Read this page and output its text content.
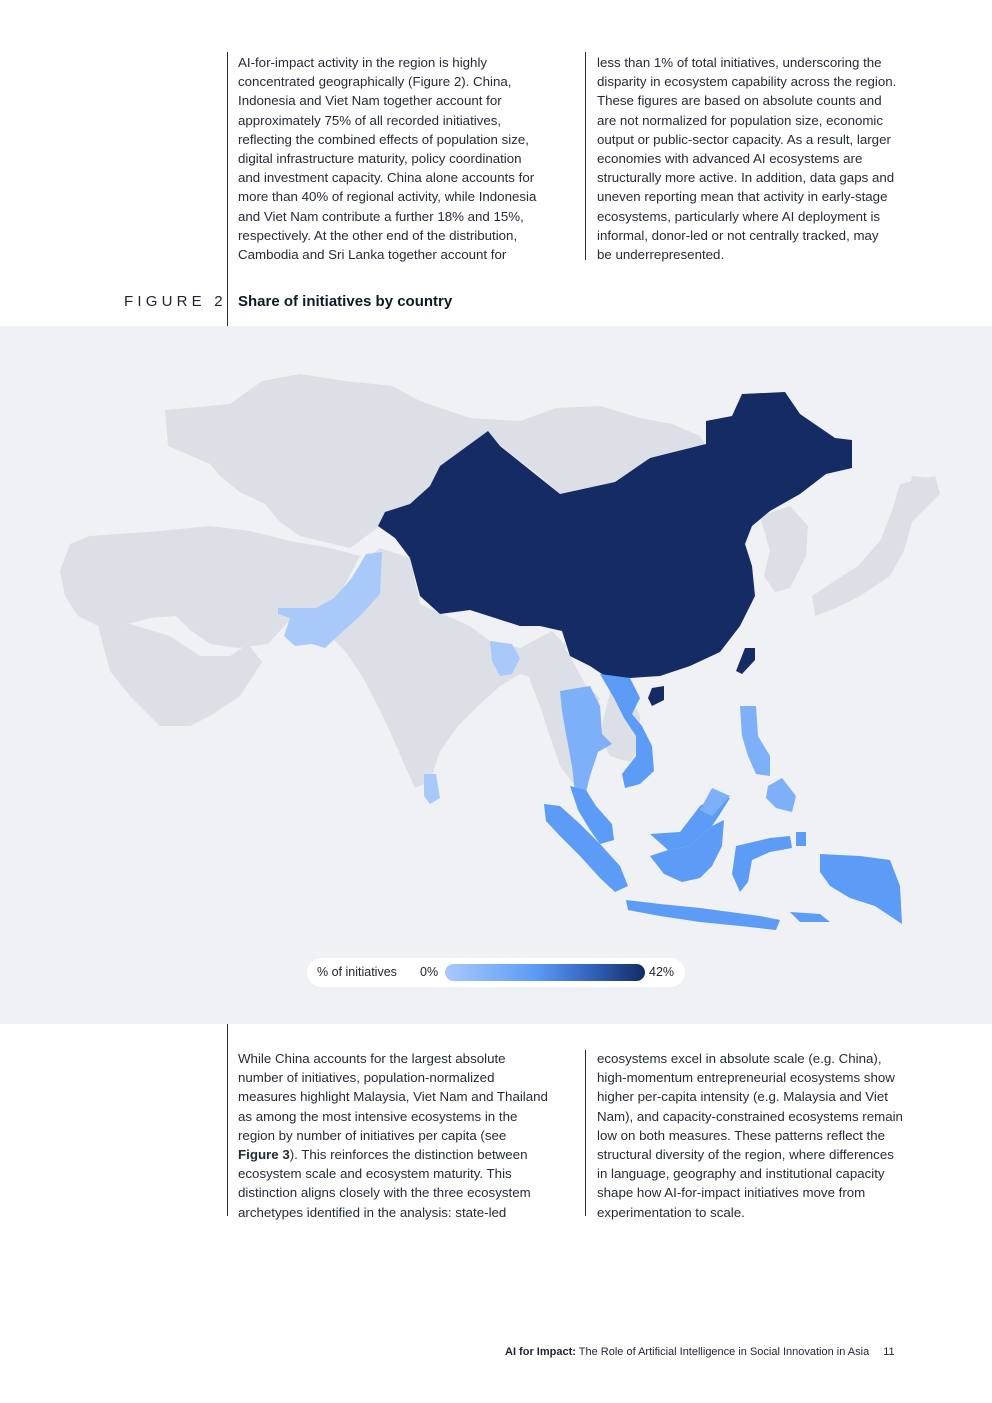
AI-for-impact activity in the region is highly
concentrated geographically (Figure 2). China,
Indonesia and Viet Nam together account for
approximately 75% of all recorded initiatives,
reflecting the combined effects of population size,
digital infrastructure maturity, policy coordination
and investment capacity. China alone accounts for
more than 40% of regional activity, while Indonesia
and Viet Nam contribute a further 18% and 15%,
respectively. At the other end of the distribution,
Cambodia and Sri Lanka together account for

less than 1% of total initiatives, underscoring the
disparity in ecosystem capability across the region.
These figures are based on absolute counts and
are not normalized for population size, economic
output or public-sector capacity. As a result, larger
economies with advanced AI ecosystems are
structurally more active. In addition, data gaps and
uneven reporting mean that activity in early-stage
ecosystems, particularly where AI deployment is
informal, donor-led or not centrally tracked, may
be underrepresented.

FIGURE 2 Share of initiatives by country
% of initiatives 0%	42%

While China accounts for the largest absolute
number of initiatives, population-normalized
measures highlight Malaysia, Viet Nam and Thailand
as among the most intensive ecosystems in the
region by number of initiatives per capita (see
Figure 3). This reinforces the distinction between
ecosystem scale and ecosystem maturity. This
distinction aligns closely with the three ecosystem
archetypes identified in the analysis: state-led

ecosystems excel in absolute scale (e.g. China),
high-momentum entrepreneurial ecosystems show
higher per-capita intensity (e.g. Malaysia and Viet
Nam), and capacity-constrained ecosystems remain
low on both measures. These patterns reflect the
structural diversity of the region, where differences
in language, geography and institutional capacity
shape how AI-for-impact initiatives move from
experimentation to scale.

AI for Impact: The Role of Artificial Intelligence in Social Innovation in Asia 11
